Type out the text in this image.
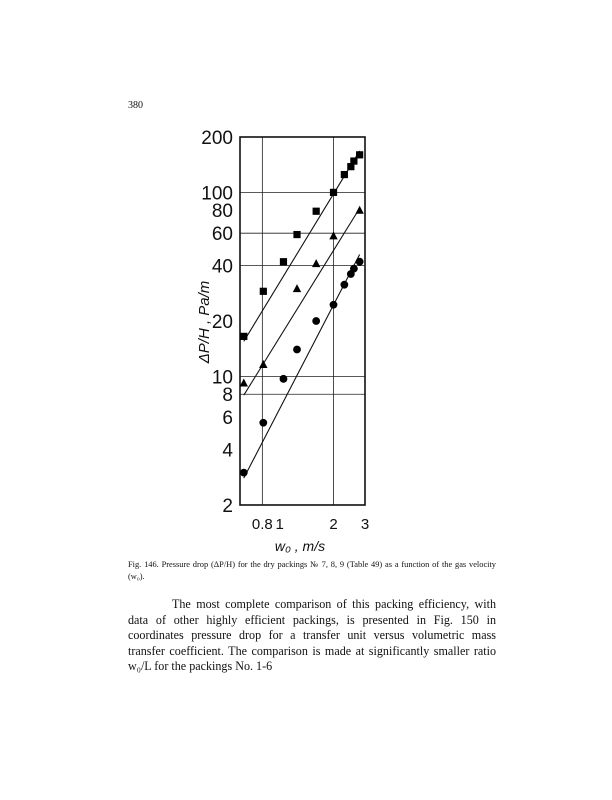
380
2
4
6
8
10
20
40
60
80
100
200
0.8 1	2 3
ΔP/H , Pa/m
w₀ , m/s
Fig. 146. Pressure drop (ΔP/H) for the dry packings № 7, 8, 9 (Table 49) as a function of the gas velocity (w₀).
The most complete comparison of this packing efficiency, with data of other highly efficient packings, is presented in Fig. 150 in coordinates pressure drop for a transfer unit versus volumetric mass transfer coefficient. The comparison is made at significantly smaller ratio w₀/L for the packings No. 1-6
